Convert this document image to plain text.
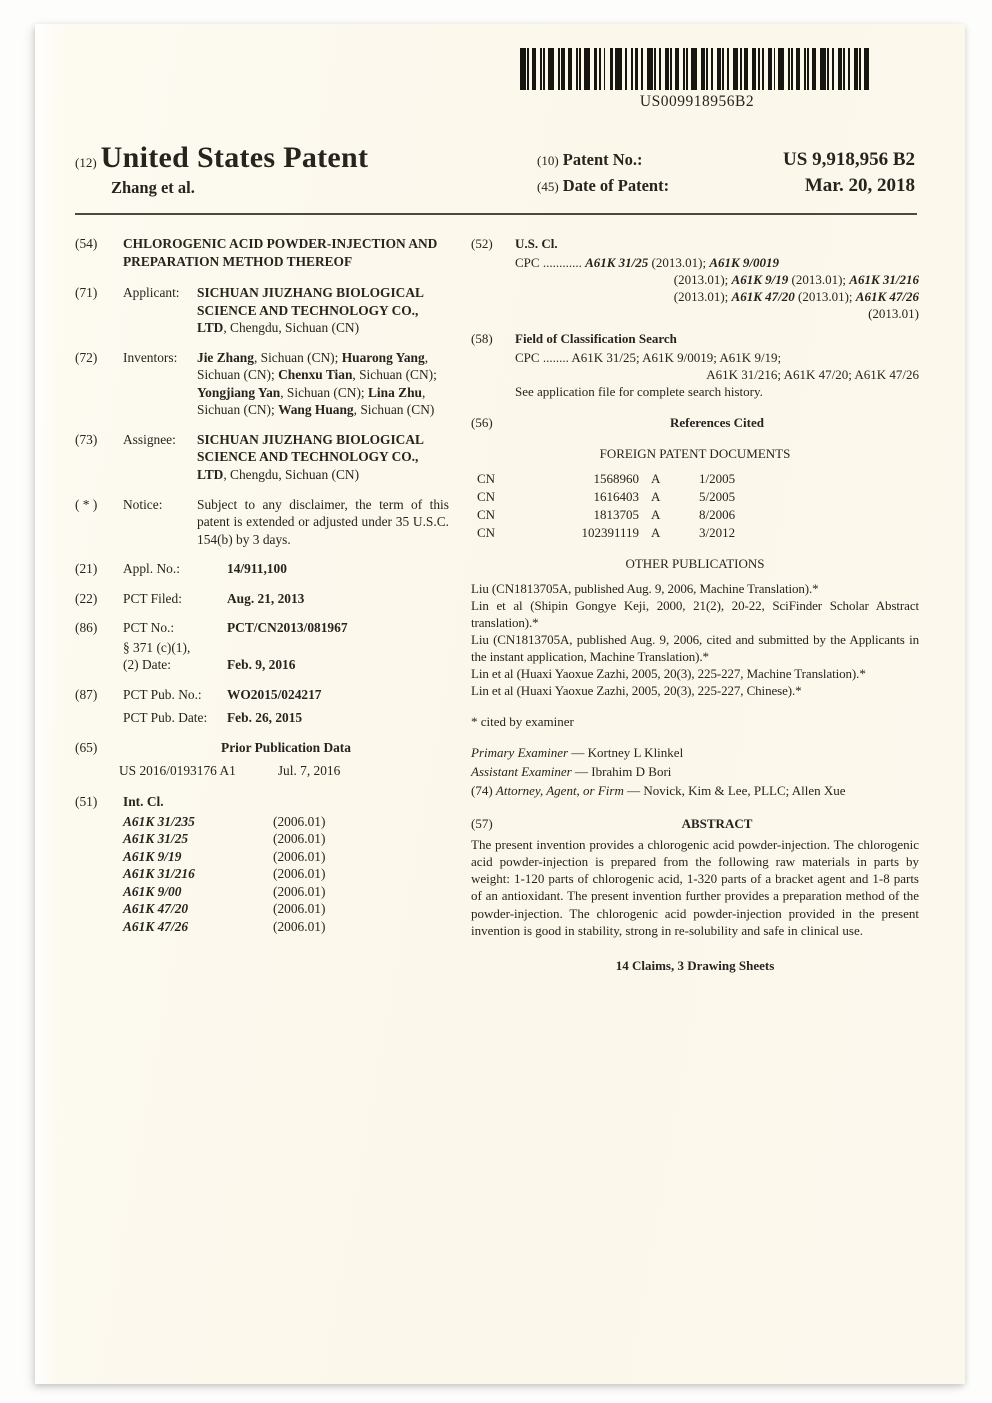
US009918956B2
(12) United States Patent
Zhang et al.
(10) Patent No.:	US 9,918,956 B2
(45) Date of Patent:	Mar. 20, 2018
(54)	CHLOROGENIC ACID POWDER-INJECTION AND PREPARATION METHOD THEREOF
(71)	Applicant:	SICHUAN JIUZHANG BIOLOGICAL SCIENCE AND TECHNOLOGY CO., LTD, Chengdu, Sichuan (CN)
(72)	Inventors:	Jie Zhang, Sichuan (CN); Huarong Yang, Sichuan (CN); Chenxu Tian, Sichuan (CN); Yongjiang Yan, Sichuan (CN); Lina Zhu, Sichuan (CN); Wang Huang, Sichuan (CN)
(73)	Assignee:	SICHUAN JIUZHANG BIOLOGICAL SCIENCE AND TECHNOLOGY CO., LTD, Chengdu, Sichuan (CN)
( * )	Notice:	Subject to any disclaimer, the term of this patent is extended or adjusted under 35 U.S.C. 154(b) by 3 days.
(21)	Appl. No.:	14/911,100
(22)	PCT Filed:	Aug. 21, 2013
(86)	PCT No.:	PCT/CN2013/081967
§ 371 (c)(1),
(2) Date:	Feb. 9, 2016
(87)	PCT Pub. No.:	WO2015/024217
PCT Pub. Date:	Feb. 26, 2015
(65)	Prior Publication Data
US 2016/0193176 A1	Jul. 7, 2016
(51)	Int. Cl.
A61K 31/235	(2006.01)
A61K 31/25	(2006.01)
A61K 9/19	(2006.01)
A61K 31/216	(2006.01)
A61K 9/00	(2006.01)
A61K 47/20	(2006.01)
A61K 47/26	(2006.01)
(52)	U.S. Cl.
CPC ............ A61K 31/25 (2013.01); A61K 9/0019
(2013.01); A61K 9/19 (2013.01); A61K 31/216
(2013.01); A61K 47/20 (2013.01); A61K 47/26
(2013.01)
(58)	Field of Classification Search
CPC ........ A61K 31/25; A61K 9/0019; A61K 9/19;
A61K 31/216; A61K 47/20; A61K 47/26
See application file for complete search history.
(56)	References Cited
FOREIGN PATENT DOCUMENTS
CN	1568960 A	1/2005
CN	1616403 A	5/2005
CN	1813705 A	8/2006
CN	102391119 A	3/2012
OTHER PUBLICATIONS

Liu (CN1813705A, published Aug. 9, 2006, Machine Translation).*

Lin et al (Shipin Gongye Keji, 2000, 21(2), 20-22, SciFinder Scholar Abstract translation).*

Liu (CN1813705A, published Aug. 9, 2006, cited and submitted by the Applicants in the instant application, Machine Translation).*

Lin et al (Huaxi Yaoxue Zazhi, 2005, 20(3), 225-227, Machine Translation).*

Lin et al (Huaxi Yaoxue Zazhi, 2005, 20(3), 225-227, Chinese).*

* cited by examiner

Primary Examiner — Kortney L Klinkel

Assistant Examiner — Ibrahim D Bori

(74) Attorney, Agent, or Firm — Novick, Kim & Lee, PLLC; Allen Xue

(57)	ABSTRACT

The present invention provides a chlorogenic acid powder-injection. The chlorogenic acid powder-injection is prepared from the following raw materials in parts by weight: 1-120 parts of chlorogenic acid, 1-320 parts of a bracket agent and 1-8 parts of an antioxidant. The present invention further provides a preparation method of the powder-injection. The chlorogenic acid powder-injection provided in the present invention is good in stability, strong in re-solubility and safe in clinical use.

14 Claims, 3 Drawing Sheets
